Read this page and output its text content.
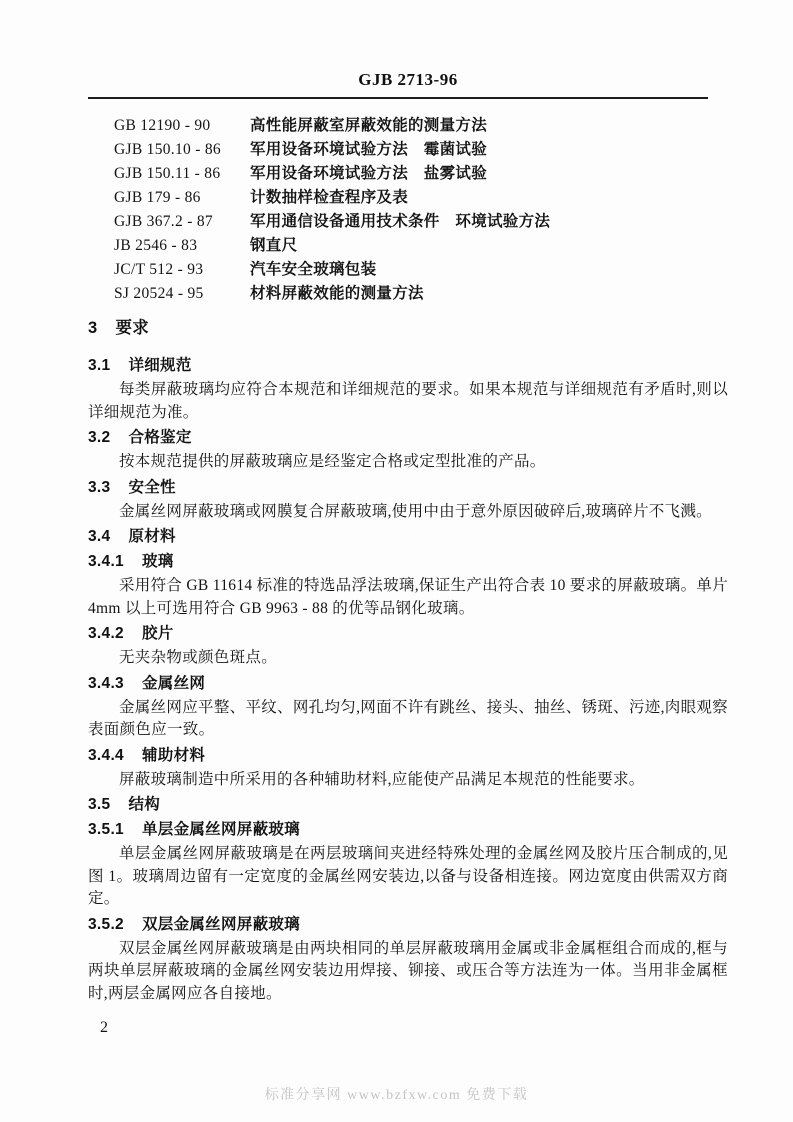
GJB 2713-96
GB 12190 - 90	高性能屏蔽室屏蔽效能的测量方法
GJB 150.10 - 86	军用设备环境试验方法　霉菌试验
GJB 150.11 - 86	军用设备环境试验方法　盐雾试验
GJB 179 - 86	计数抽样检查程序及表
GJB 367.2 - 87	军用通信设备通用技术条件　环境试验方法
JB 2546 - 83	钢直尺
JC/T 512 - 93	汽车安全玻璃包装
SJ 20524 - 95	材料屏蔽效能的测量方法
3 要求
3.1 详细规范

每类屏蔽玻璃均应符合本规范和详细规范的要求。如果本规范与详细规范有矛盾时,则以详细规范为准。

3.2 合格鉴定

按本规范提供的屏蔽玻璃应是经鉴定合格或定型批准的产品。

3.3 安全性

金属丝网屏蔽玻璃或网膜复合屏蔽玻璃,使用中由于意外原因破碎后,玻璃碎片不飞溅。

3.4 原材料
3.4.1 玻璃

采用符合 GB 11614 标准的特选品浮法玻璃,保证生产出符合表 10 要求的屏蔽玻璃。单片 4mm 以上可选用符合 GB 9963 - 88 的优等品钢化玻璃。

3.4.2 胶片

无夹杂物或颜色斑点。

3.4.3 金属丝网

金属丝网应平整、平纹、网孔均匀,网面不许有跳丝、接头、抽丝、锈斑、污迹,肉眼观察表面颜色应一致。

3.4.4 辅助材料

屏蔽玻璃制造中所采用的各种辅助材料,应能使产品满足本规范的性能要求。

3.5 结构
3.5.1 单层金属丝网屏蔽玻璃

单层金属丝网屏蔽玻璃是在两层玻璃间夹进经特殊处理的金属丝网及胶片压合制成的,见图 1。玻璃周边留有一定宽度的金属丝网安装边,以备与设备相连接。网边宽度由供需双方商定。

3.5.2 双层金属丝网屏蔽玻璃

双层金属丝网屏蔽玻璃是由两块相同的单层屏蔽玻璃用金属或非金属框组合而成的,框与两块单层屏蔽玻璃的金属丝网安装边用焊接、铆接、或压合等方法连为一体。当用非金属框时,两层金属网应各自接地。

2
标准分享网 www.bzfxw.com 免费下载
